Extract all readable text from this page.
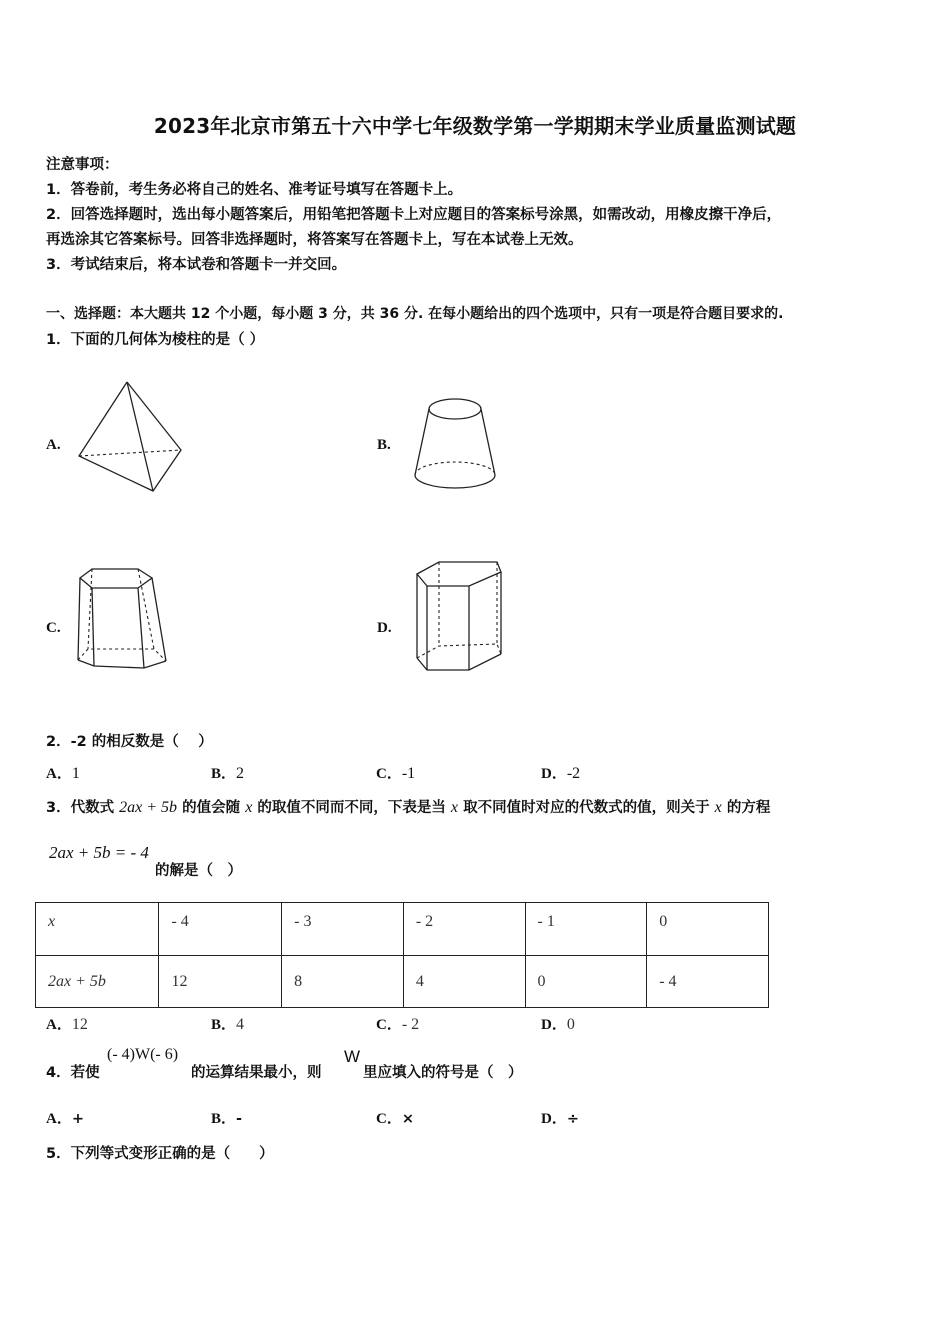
2023年北京市第五十六中学七年级数学第一学期期末学业质量监测试题
注意事项：
1．答卷前，考生务必将自己的姓名、准考证号填写在答题卡上。
2．回答选择题时，选出每小题答案后，用铅笔把答题卡上对应题目的答案标号涂黑，如需改动，用橡皮擦干净后，
再选涂其它答案标号。回答非选择题时，将答案写在答题卡上，写在本试卷上无效。
3．考试结束后，将本试卷和答题卡一并交回。
一、选择题：本大题共 12 个小题，每小题 3 分，共 36 分. 在每小题给出的四个选项中，只有一项是符合题目要求的.
1．下面的几何体为棱柱的是（ ）
A.	B.
C.	D.
2．-2 的相反数是（　 ）
A．1	B．2	C．-1	D．-2
3．代数式 2ax + 5b 的值会随 x 的取值不同而不同，下表是当 x 取不同值时对应的代数式的值，则关于 x 的方程
2ax + 5b = - 4
的解是（　）
x	- 4	- 3	- 2	- 1	0
2ax + 5b	12	8	4	0	- 4
A．12	B．4	C．- 2	D．0
4．若使
(- 4)W(- 6)
的运算结果最小，则
W
里应填入的符号是（　）
A．+	B．-	C．×	D．÷
5．下列等式变形正确的是（　　）
